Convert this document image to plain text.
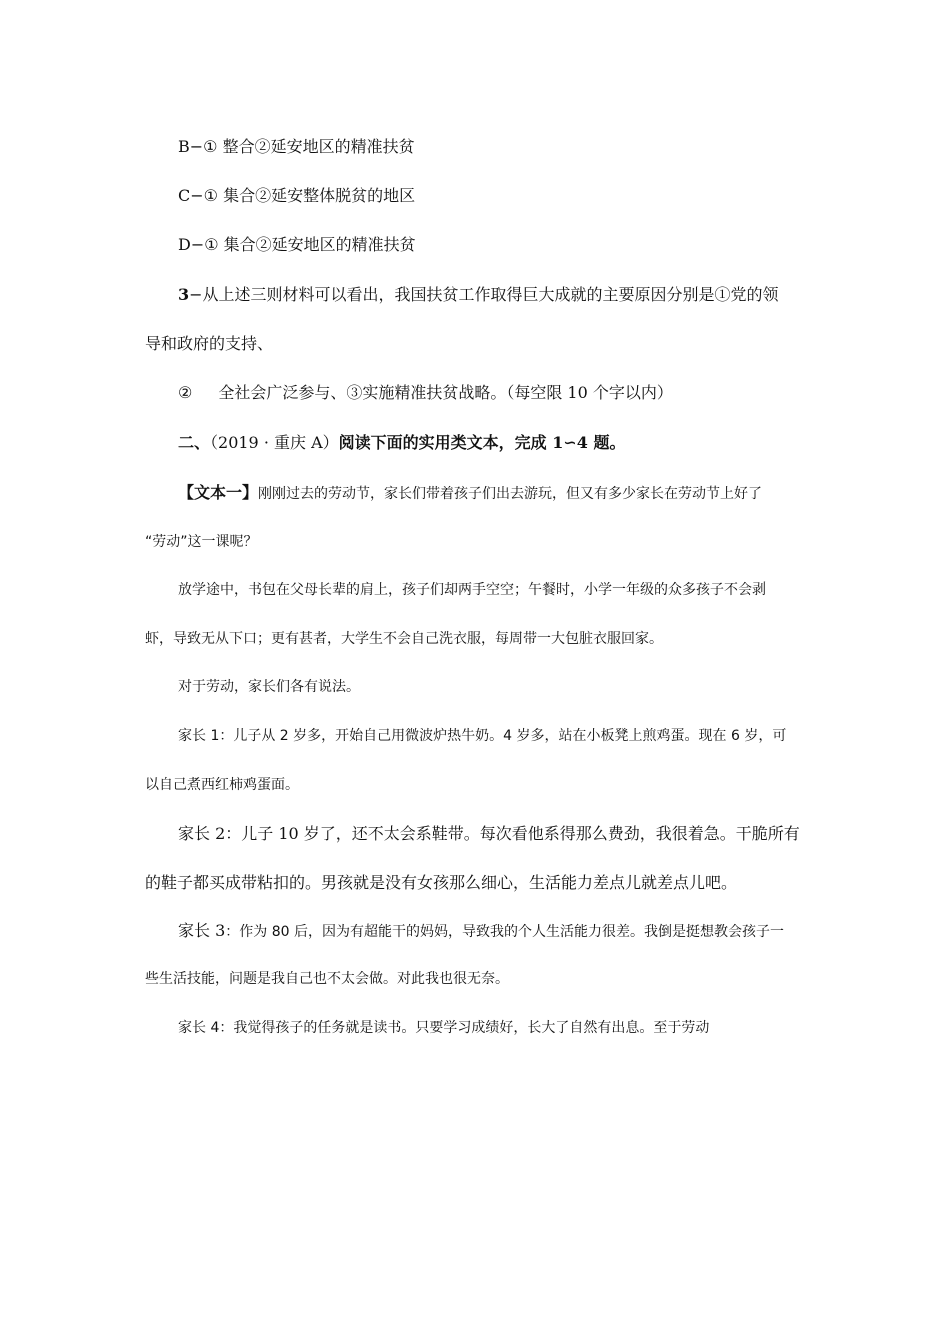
B−① 整合②延安地区的精准扶贫
C−① 集合②延安整体脱贫的地区
D−① 集合②延安地区的精准扶贫
3−从上述三则材料可以看出，我国扶贫工作取得巨大成就的主要原因分别是①党的领
导和政府的支持、
② 全社会广泛参与、③实施精准扶贫战略。（每空限 10 个字以内）
二、（2019 · 重庆 A）阅读下面的实用类文本，完成 1∽4 题。
【文本一】刚刚过去的劳动节，家长们带着孩子们出去游玩，但又有多少家长在劳动节上好了
“劳动”这一课呢？
放学途中，书包在父母长辈的肩上，孩子们却两手空空；午餐时，小学一年级的众多孩子不会剥
虾，导致无从下口；更有甚者，大学生不会自己洗衣服，每周带一大包脏衣服回家。
对于劳动，家长们各有说法。
家长 1：儿子从 2 岁多，开始自己用微波炉热牛奶。4 岁多，站在小板凳上煎鸡蛋。现在 6 岁，可
以自己煮西红柿鸡蛋面。
家长 2：儿子 10 岁了，还不太会系鞋带。每次看他系得那么费劲，我很着急。干脆所有
的鞋子都买成带粘扣的。男孩就是没有女孩那么细心，生活能力差点儿就差点儿吧。
家长 3：作为 80 后，因为有超能干的妈妈，导致我的个人生活能力很差。我倒是挺想教会孩子一
些生活技能，问题是我自己也不太会做。对此我也很无奈。
家长 4：我觉得孩子的任务就是读书。只要学习成绩好，长大了自然有出息。至于劳动
